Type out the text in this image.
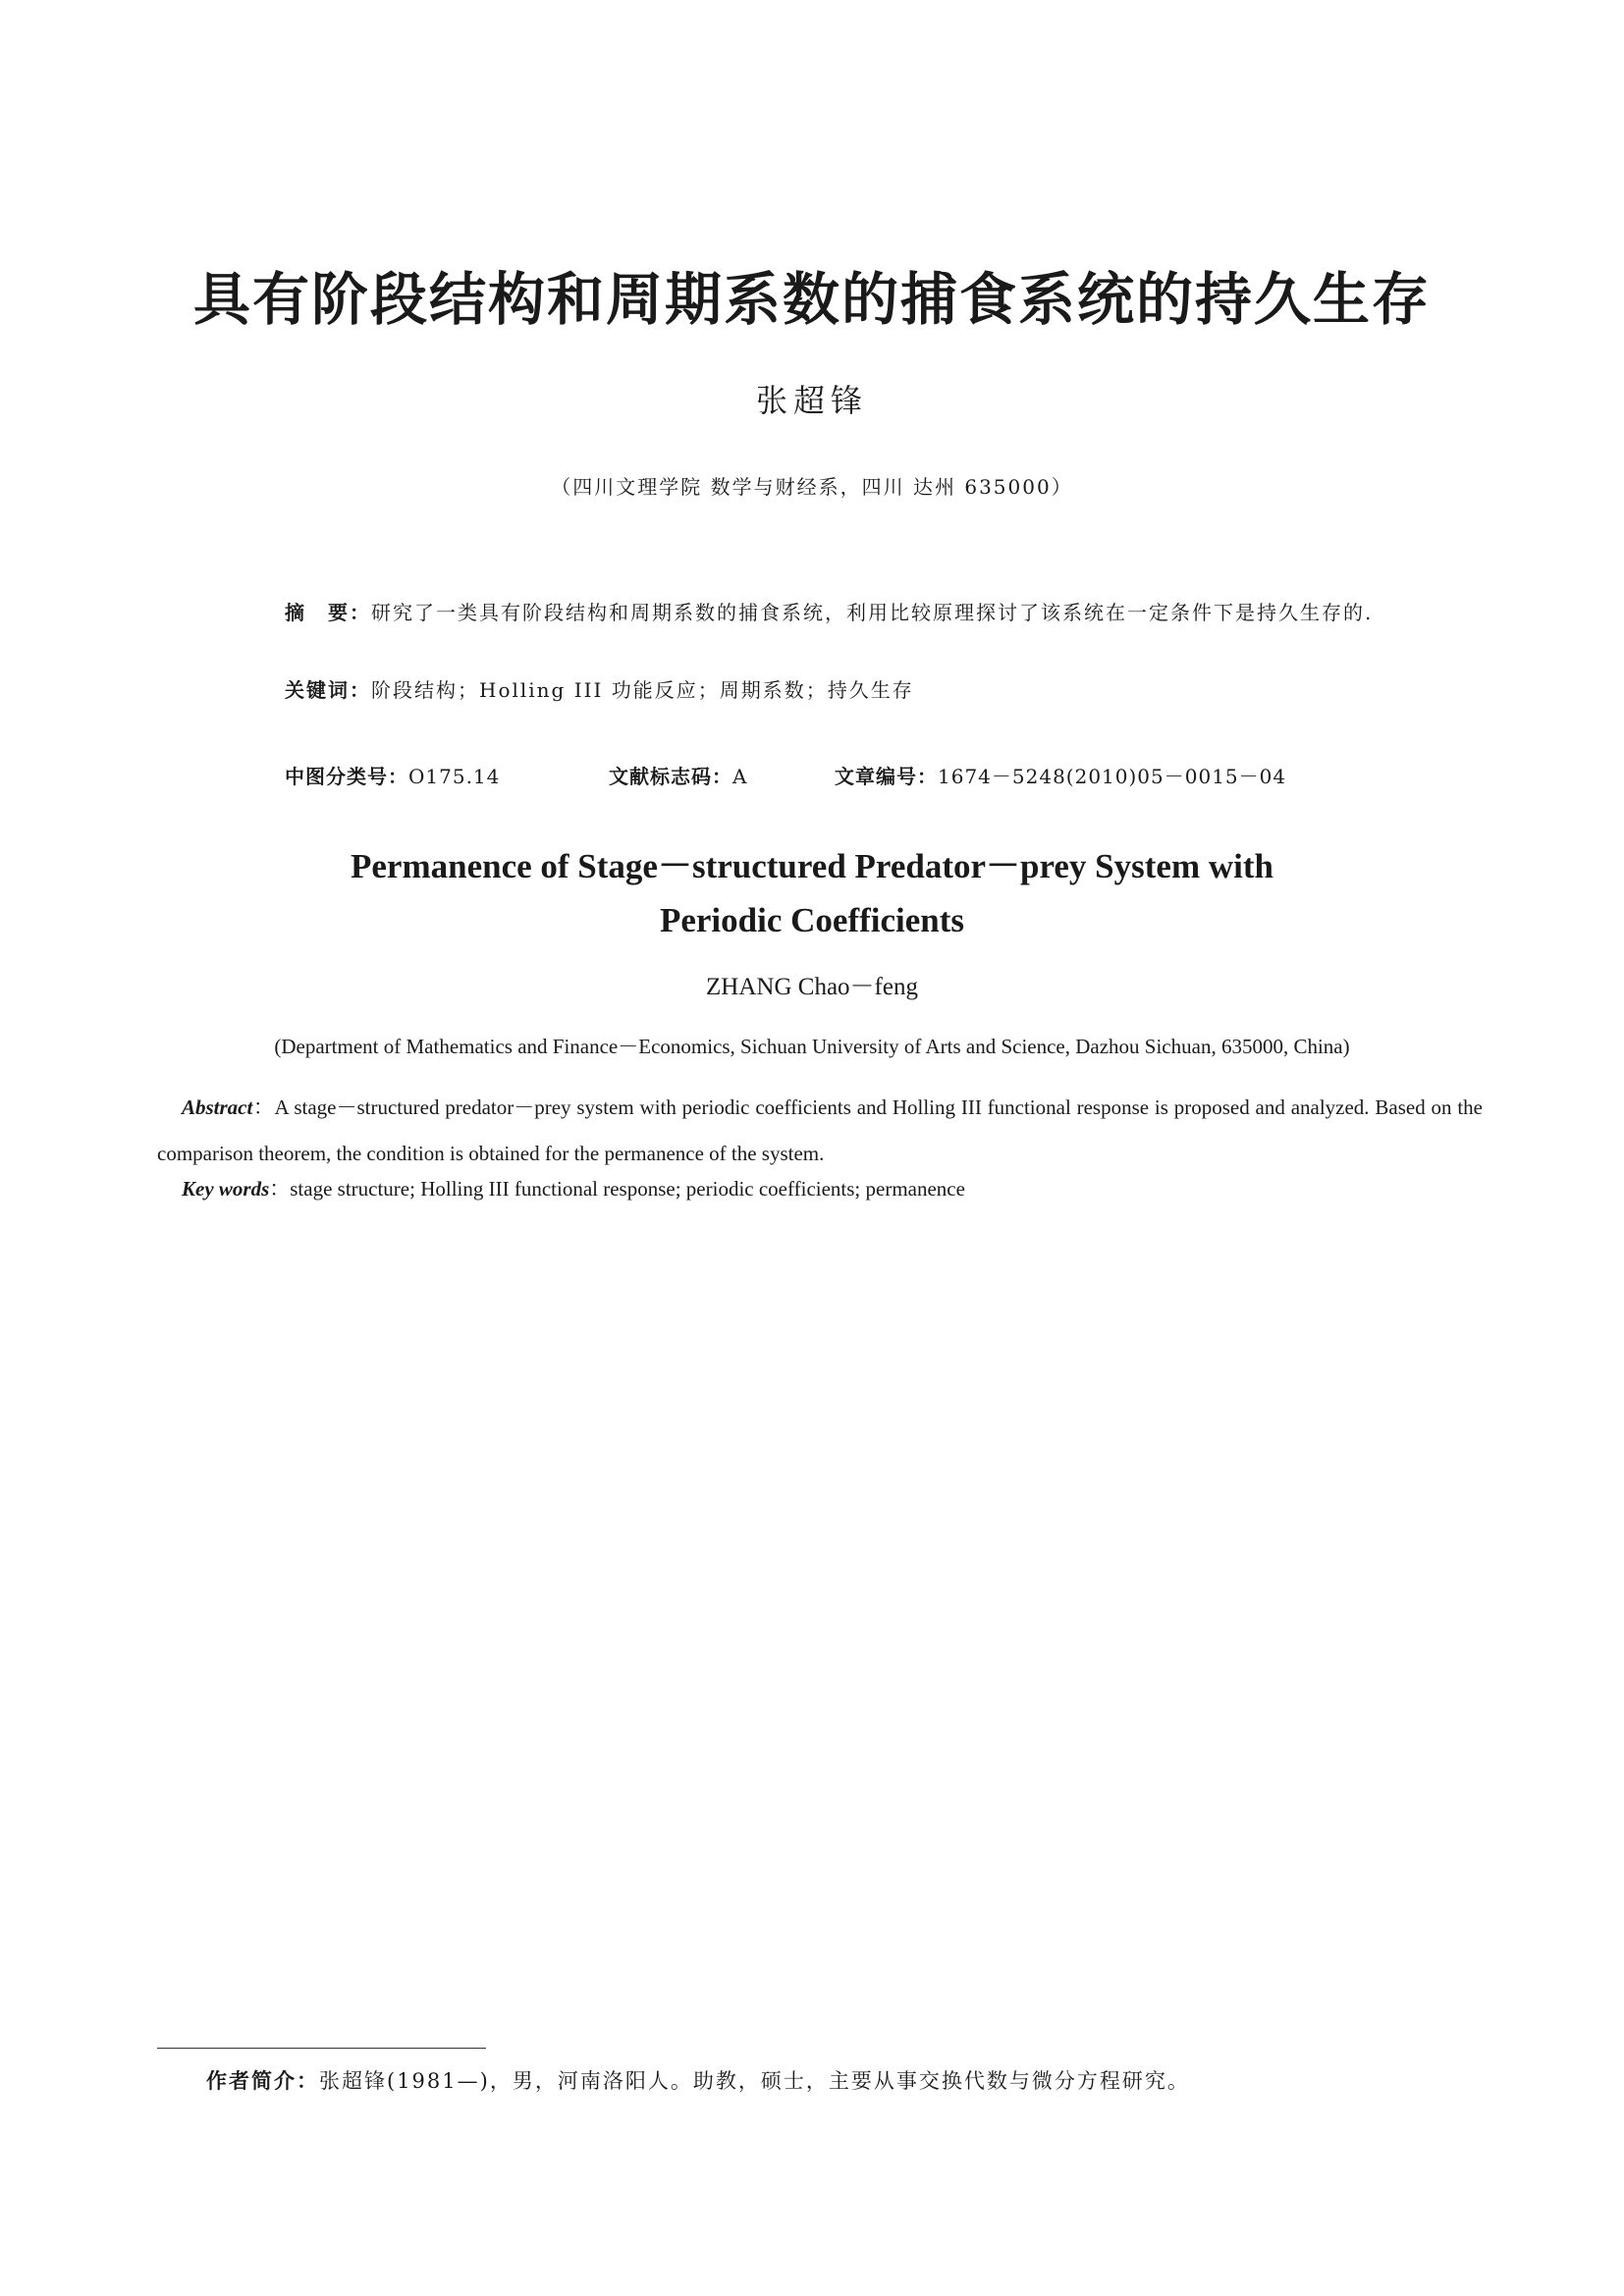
具有阶段结构和周期系数的捕食系统的持久生存
张超锋
（四川文理学院 数学与财经系，四川 达州 635000）
摘　要：研究了一类具有阶段结构和周期系数的捕食系统，利用比较原理探讨了该系统在一定条件下是持久生存的.
关键词：阶段结构；Holling III 功能反应；周期系数；持久生存
中图分类号：O175.14	文献标志码：A	文章编号：1674－5248(2010)05－0015－04
Permanence of Stage－structured Predator－prey System with
Periodic Coefficients
ZHANG Chao－feng
(Department of Mathematics and Finance－Economics, Sichuan University of Arts and Science, Dazhou Sichuan, 635000, China)
Abstract：A stage－structured predator－prey system with periodic coefficients and Holling III functional response is proposed and analyzed. Based on the comparison theorem, the condition is obtained for the permanence of the system.
Key words：stage structure; Holling III functional response; periodic coefficients; permanence
作者简介：张超锋(1981—)，男，河南洛阳人。助教，硕士，主要从事交换代数与微分方程研究。
